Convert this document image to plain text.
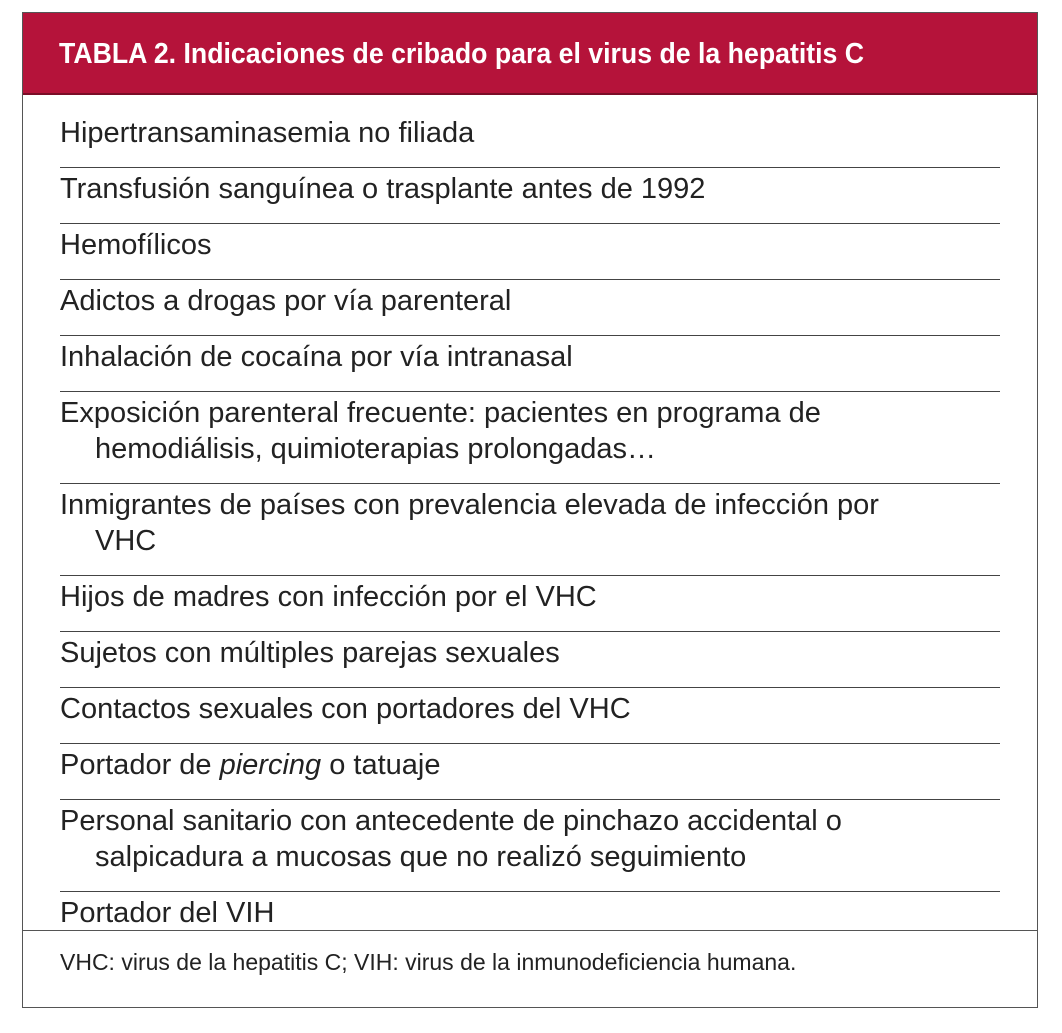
TABLA 2. Indicaciones de cribado para el virus de la hepatitis C
Hipertransaminasemia no filiada
Transfusión sanguínea o trasplante antes de 1992
Hemofílicos
Adictos a drogas por vía parenteral
Inhalación de cocaína por vía intranasal
Exposición parenteral frecuente: pacientes en programa de
hemodiálisis, quimioterapias prolongadas…
Inmigrantes de países con prevalencia elevada de infección por
VHC
Hijos de madres con infección por el VHC
Sujetos con múltiples parejas sexuales
Contactos sexuales con portadores del VHC
Portador de piercing o tatuaje
Personal sanitario con antecedente de pinchazo accidental o
salpicadura a mucosas que no realizó seguimiento
Portador del VIH
VHC: virus de la hepatitis C; VIH: virus de la inmunodeficiencia humana.
